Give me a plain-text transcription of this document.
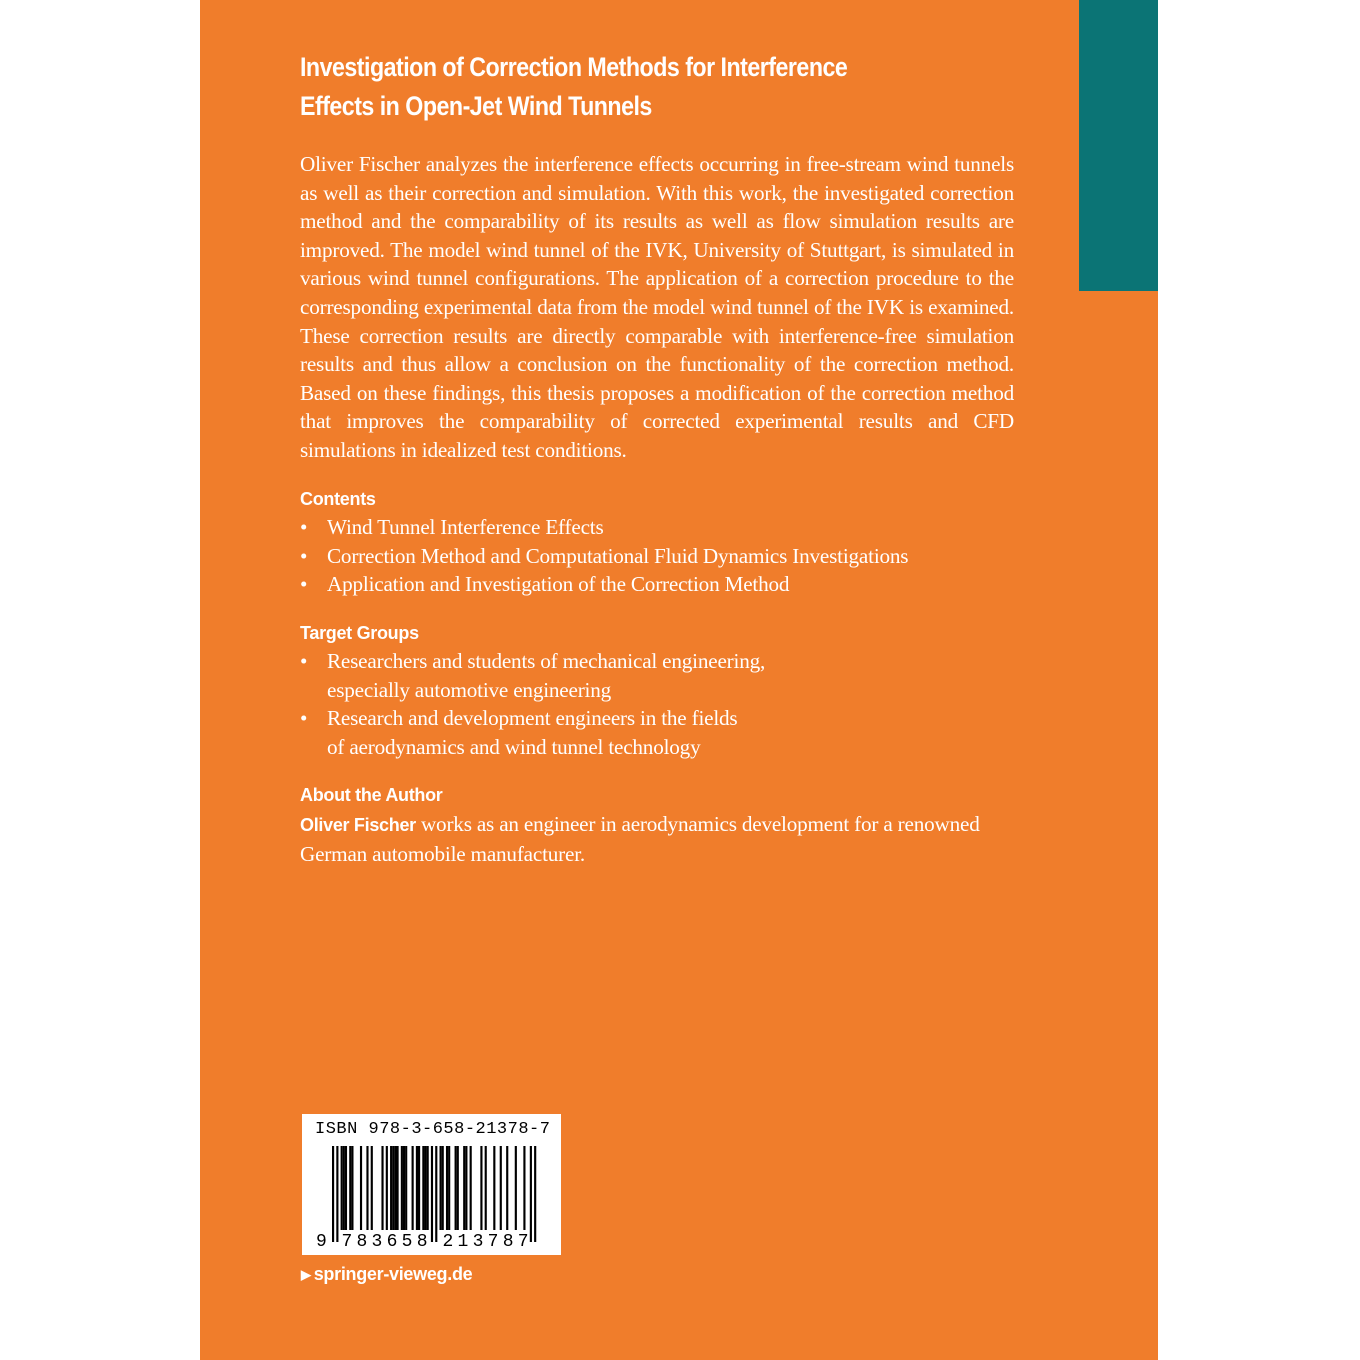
Investigation of Correction Methods for Interference
Effects in Open-Jet Wind Tunnels

Oliver Fischer analyzes the interference effects occurring in free-stream wind tunnels as well as their correction and simulation. With this work, the investigated correction method and the comparability of its results as well as flow simulation results are improved. The model wind tunnel of the IVK, University of Stuttgart, is simulated in various wind tunnel configurations. The application of a correction procedure to the corresponding experimental data from the model wind tunnel of the IVK is examined. These correction results are directly comparable with interference-free simulation results and thus allow a conclusion on the functionality of the correction method. Based on these findings, this thesis proposes a modification of the correction method that improves the comparability of corrected experimental results and CFD simulations in idealized test conditions.

Contents
• Wind Tunnel Interference Effects
• Correction Method and Computational Fluid Dynamics Investigations
• Application and Investigation of the Correction Method
Target Groups
• Researchers and students of mechanical engineering,
especially automotive engineering
• Research and development engineers in the fields
of aerodynamics and wind tunnel technology
About the Author

Oliver Fischer works as an engineer in aerodynamics development for a renowned German automobile manufacturer.

ISBN 978-3-658-21378-7
9 7 8 3 6 5 8 2 1 3 7 8 7
▶ springer-vieweg.de
